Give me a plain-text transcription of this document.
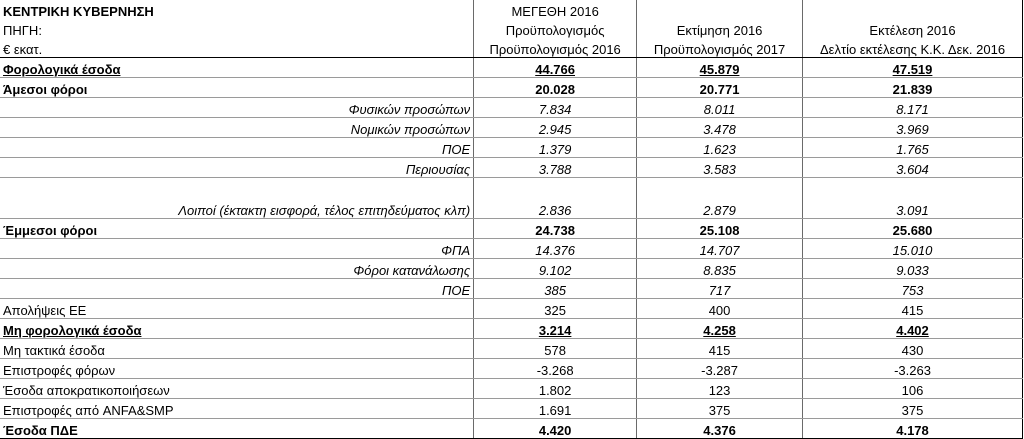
ΚΕΝΤΡΙΚΗ ΚΥΒΕΡΝΗΣΗ	ΜΕΓΕΘΗ 2016		
ΠΗΓΗ:	Προϋπολογισμός	Εκτίμηση 2016	Εκτέλεση 2016
€ εκατ.	Προϋπολογισμός 2016	Προϋπολογισμός 2017	Δελτίο εκτέλεσης Κ.Κ. Δεκ. 2016
Φορολογικά έσοδα	44.766	45.879	47.519
Άμεσοι φόροι	20.028	20.771	21.839
Φυσικών προσώπων	7.834	8.011	8.171
Νομικών προσώπων	2.945	3.478	3.969
ΠΟΕ	1.379	1.623	1.765
Περιουσίας	3.788	3.583	3.604
Λοιποί (έκτακτη εισφορά, τέλος επιτηδεύματος κλπ)	2.836	2.879	3.091
Έμμεσοι φόροι	24.738	25.108	25.680
ΦΠΑ	14.376	14.707	15.010
Φόροι κατανάλωσης	9.102	8.835	9.033
ΠΟΕ	385	717	753
Απολήψεις ΕΕ	325	400	415
Μη φορολογικά έσοδα	3.214	4.258	4.402
Μη τακτικά έσοδα	578	415	430
Επιστροφές φόρων	-3.268	-3.287	-3.263
Έσοδα αποκρατικοποιήσεων	1.802	123	106
Επιστροφές από ANFA&SMP	1.691	375	375
Έσοδα ΠΔΕ	4.420	4.376	4.178
